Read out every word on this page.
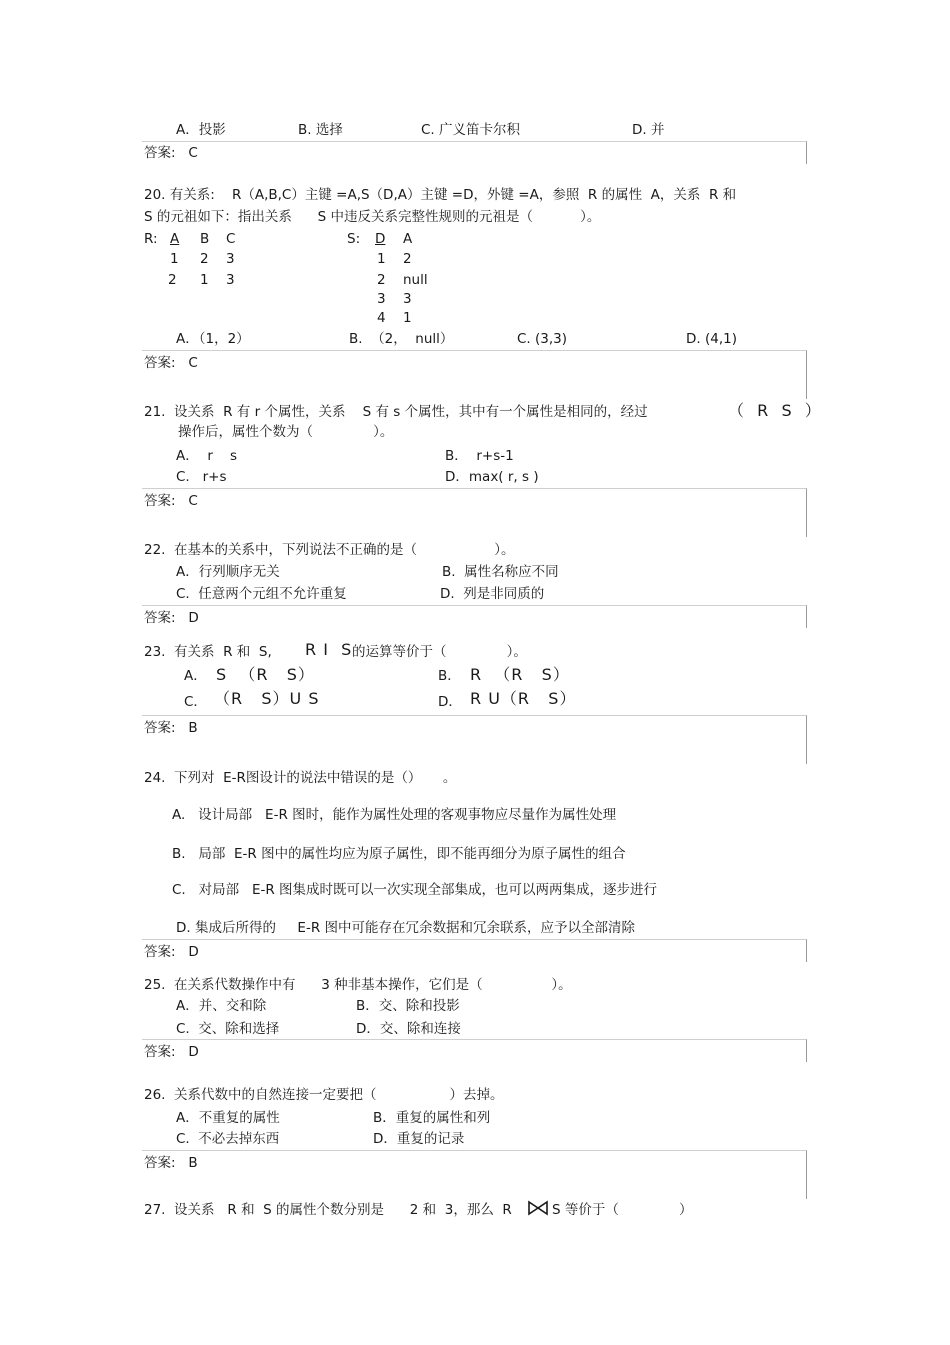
A．投影	B. 选择	C. 广义笛卡尔积	D. 并
答案:   C
20. 有关系:    R（A,B,C）主键 =A,S（D,A）主键 =D，外键 =A，参照  R 的属性  A，关系  R 和
S 的元祖如下：指出关系      S 中违反关系完整性规则的元祖是（           ）。
R: A B C
1 2 3
2 1 3
S: D A
1 2
2 null
3 3
4 1
A．（1，2）	B.  （2，  null）	C. (3,3)	D. (4,1)
答案:   C
21.  设关系  R 有 r 个属性，关系    S 有 s 个属性，其中有一个属性是相同的，经过	（  R  S  ）
操作后，属性个数为（              ）。
A．  r    s	B．  r+s-1
C.   r+s	D．max( r, s )
答案:   C
22.  在基本的关系中，下列说法不正确的是（                  ）。
A．行列顺序无关	B.  属性名称应不同
C.  任意两个元组不允许重复	D.  列是非同质的
答案:   D
23.  有关系  R 和  S, R I  S 的运算等价于（              ）。
A． S  （R   S）	B． R  （R   S）
C． （R   S）U S	D． R U（R   S）
答案:   B
24.  下列对  E-R图设计的说法中错误的是（）     。
A.   设计局部   E-R 图时，能作为属性处理的客观事物应尽量作为属性处理
B.   局部  E-R 图中的属性均应为原子属性，即不能再细分为原子属性的组合
C.   对局部   E-R 图集成时既可以一次实现全部集成，也可以两两集成，逐步进行
D. 集成后所得的     E-R 图中可能存在冗余数据和冗余联系，应予以全部清除
答案:   D
25.  在关系代数操作中有      3 种非基本操作，它们是（                ）。
A．并、交和除	B．交、除和投影
C.  交、除和选择	D．交、除和连接
答案:   D
26.  关系代数中的自然连接一定要把（                 ）去掉。
A．不重复的属性	B．重复的属性和列
C.  不必去掉东西	D．重复的记录
答案:   B
27.  设关系   R 和  S 的属性个数分别是      2 和  3，那么  R	S 等价于（              ）
